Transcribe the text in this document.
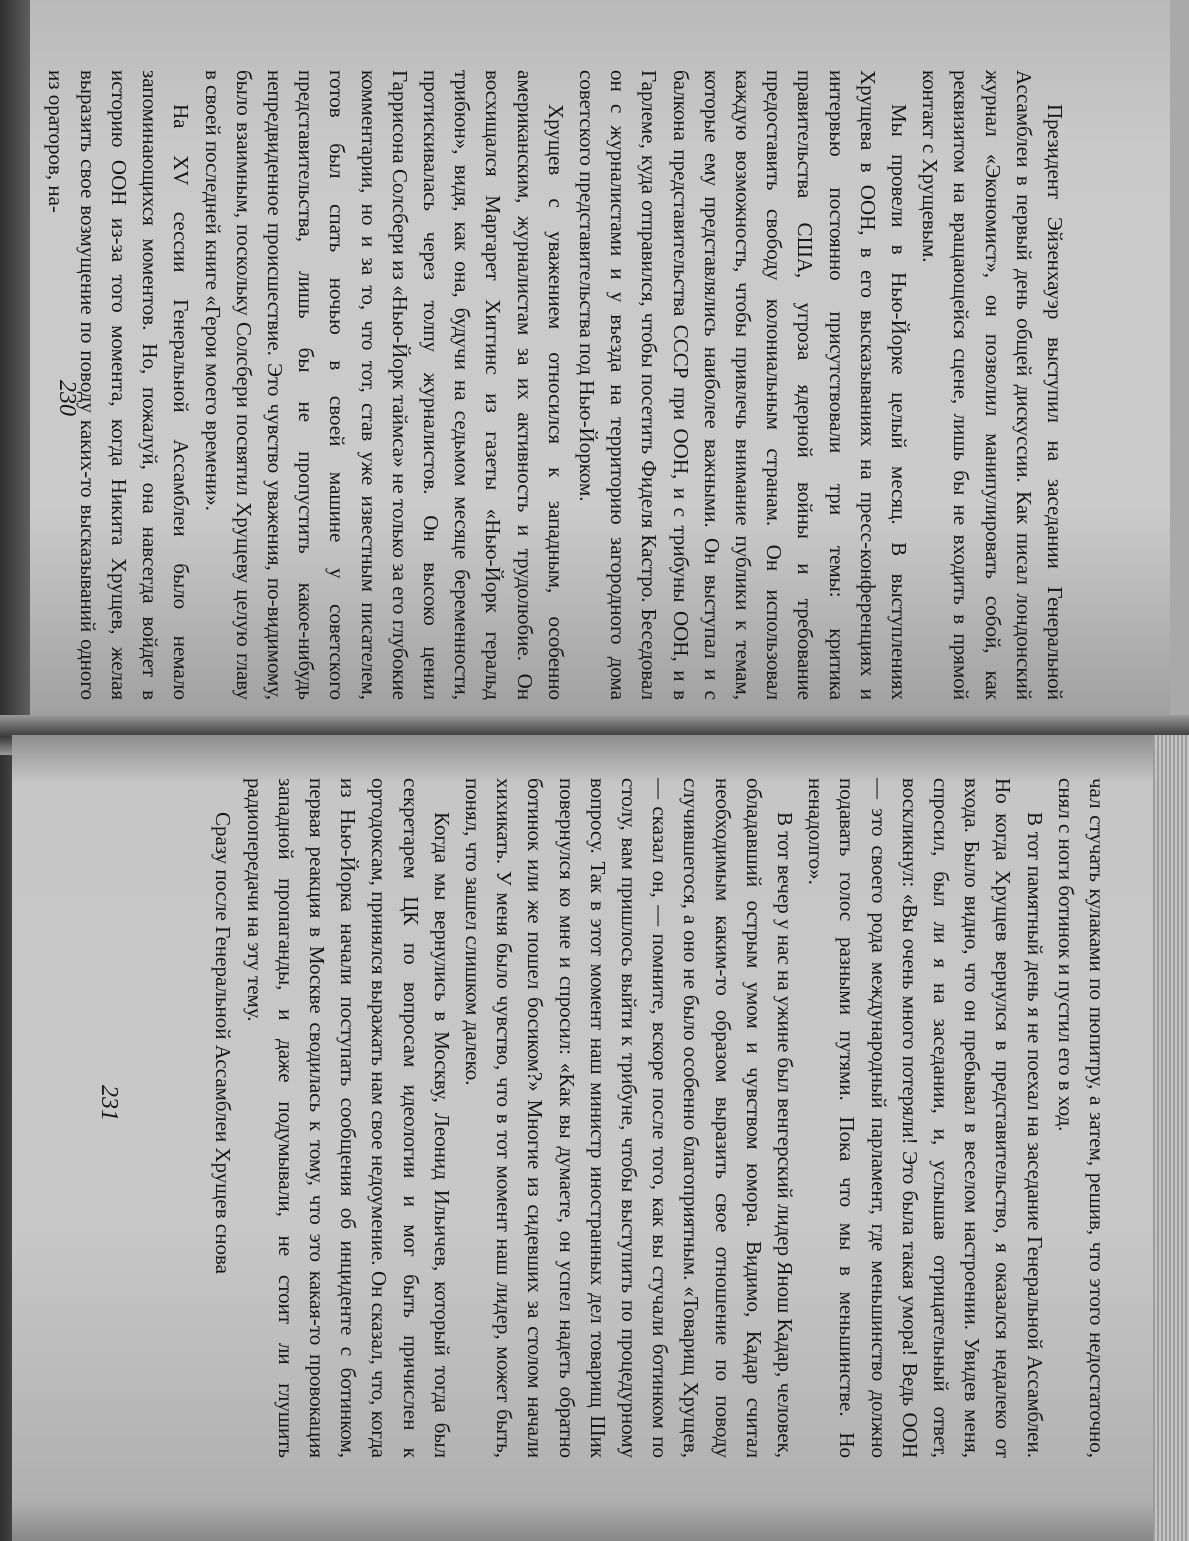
Президент Эйзенхауэр выступил на заседании Генеральной Ассамблеи в первый день общей дискуссии. Как писал лондонский журнал «Экономист», он позволил манипулировать собой, как реквизитом на вращающейся сцене, лишь бы не входить в прямой контакт с Хрущевым.

Мы провели в Нью-Йорке целый месяц. В выступлениях Хрущева в ООН, в его высказываниях на пресс-конференциях и интервью постоянно присутствовали три темы: критика правительства США, угроза ядерной войны и требование предоставить свободу колониальным странам. Он использовал каждую возможность, чтобы привлечь внимание публики к темам, которые ему представлялись наиболее важными. Он выступал и с балкона представительства СССР при ООН, и с трибуны ООН, и в Гарлеме, куда отправился, чтобы посетить Фиделя Кастро. Беседовал он с журналистами и у въезда на территорию загородного дома советского представительства под Нью-Йорком.

Хрущев с уважением относился к западным, особенно американским, журналистам за их активность и трудолюбие. Он восхищался Маргарет Хиггинс из газеты «Нью-Йорк геральд трибюн», видя, как она, будучи на седьмом месяце беременности, протискивалась через толпу журналистов. Он высоко ценил Гаррисона Солсбери из «Нью-Йорк таймса» не только за его глубокие комментарии, но и за то, что тот, став уже известным писателем, готов был спать ночью в своей машине у советского представительства, лишь бы не пропустить какое-нибудь непредвиденное происшествие. Это чувство уважения, по-видимому, было взаимным, поскольку Солсбери посвятил Хрущеву целую главу в своей последней книге «Герои моего времени».

На XV сессии Генеральной Ассамблеи было немало запоминающихся моментов. Но, пожалуй, она навсегда войдет в историю ООН из-за того момента, когда Никита Хрущев, желая выразить свое возмущение по поводу каких-то высказываний одного из ораторов, на-

230

чал стучать кулаками по пюпитру, а затем, решив, что этого недостаточно, снял с ноги ботинок и пустил его в ход.

В тот памятный день я не поехал на заседание Генеральной Ассамблеи. Но когда Хрущев вернулся в представительство, я оказался недалеко от входа. Было видно, что он пребывал в веселом настроении. Увидев меня, спросил, был ли я на заседании, и, услышав отрицательный ответ, воскликнул: «Вы очень много потеряли! Это была такая умора! Ведь ООН — это своего рода международный парламент, где меньшинство должно подавать голос разными путями. Пока что мы в меньшинстве. Но ненадолго».

В тот вечер у нас на ужине был венгерский лидер Янош Кадар, человек, обладавший острым умом и чувством юмора. Видимо, Кадар считал необходимым каким-то образом выразить свое отношение по поводу случившегося, а оно не было особенно благоприятным. «Товарищ Хрущев, — сказал он, — помните, вскоре после того, как вы стучали ботинком по столу, вам пришлось выйти к трибуне, чтобы выступить по процедурному вопросу. Так в этот момент наш министр иностранных дел товарищ Шик повернулся ко мне и спросил: «Как вы думаете, он успел надеть обратно ботинок или же пошел босиком?» Многие из сидевших за столом начали хихикать. У меня было чувство, что в тот момент наш лидер, может быть, понял, что зашел слишком далеко.

Когда мы вернулись в Москву, Леонид Ильичев, который тогда был секретарем ЦК по вопросам идеологии и мог быть причислен к ортодоксам, принялся выражать нам свое недоумение. Он сказал, что, когда из Нью-Йорка начали поступать сообщения об инциденте с ботинком, первая реакция в Москве сводилась к тому, что это какая-то провокация западной пропаганды, и даже подумывали, не стоит ли глушить радиопередачи на эту тему.

Сразу после Генеральной Ассамблеи Хрущев снова

231
